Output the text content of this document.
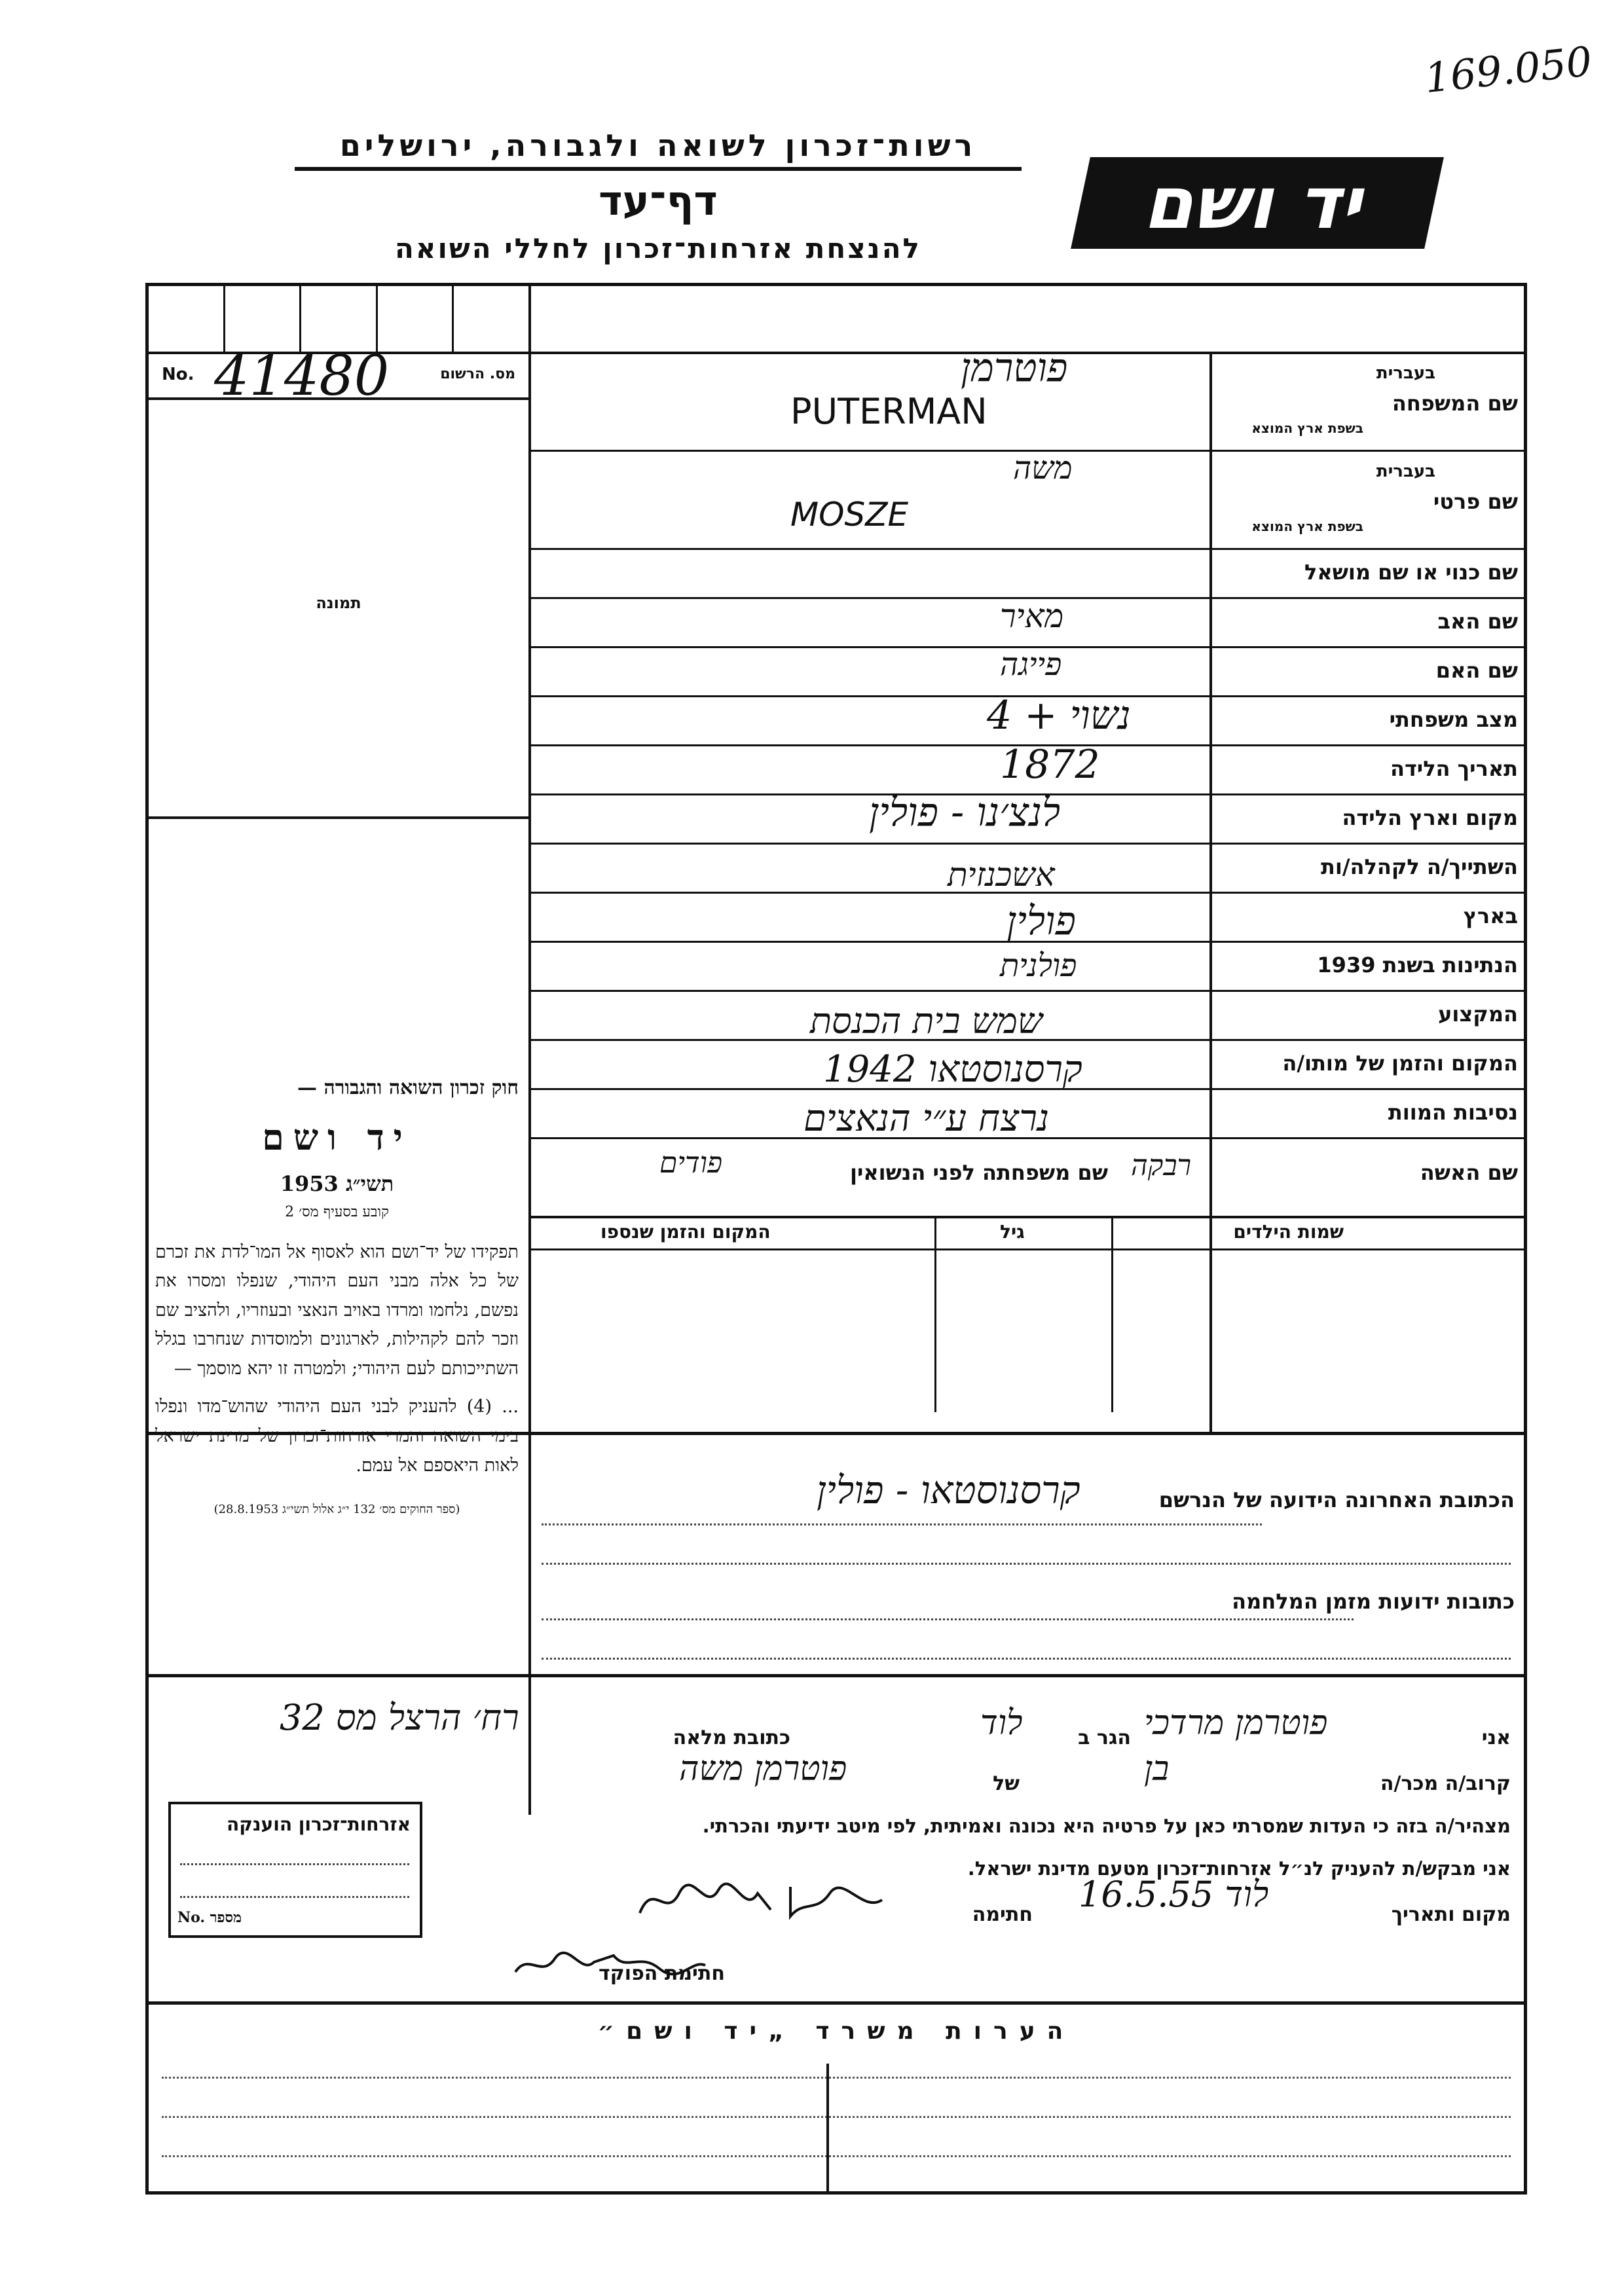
169.050
רשות־זכרון לשואה ולגבורה, ירושלים
דף־עד
להנצחת אזרחות־זכרון לחללי השואה
יד ושם
No. 41480	מס. הרשום
תמונה
חוק זכרון השואה והגבורה —
יד ושם
תשי״ג 1953
קובע בסעיף מס׳ 2
תפקידו של יד־ושם הוא לאסוף אל המו־לדת את זכרם של כל אלה מבני העם היהודי, שנפלו ומסרו את נפשם, נלחמו ומרדו באויב הנאצי ובעוזריו, ולהציב שם וזכר להם לקהילות, לארגונים ולמוסדות שנחרבו בגלל השתייכותם לעם היהודי; ולמטרה זו יהא מוסמך —
... (4) להעניק לבני העם היהודי שהוש־מדו ונפלו בימי השואה והמרי אזרחות־זכרון של מדינת ישראל לאות היאספם אל עמם.
(ספר החוקים מס׳ 132 י״ג אלול תשי״ג 28.8.1953)
בעברית
שם המשפחה
בשפת ארץ המוצא
פוטרמן
PUTERMAN
בעברית
שם פרטי
בשפת ארץ המוצא
משה
MOSZE
שם כנוי או שם מושאל
שם האב
מאיר
שם האם
פייגה
מצב משפחתי
נשוי + 4
תאריך הלידה
1872
מקום וארץ הלידה
לנצ׳נו - פולין
השתייך/ה לקהלה/ות
אשכנזית
בארץ
פולין
הנתינות בשנת 1939
פולנית
המקצוע
שמש בית הכנסת
המקום והזמן של מותו/ה
קרסנוסטאו 1942
נסיבות המוות
נרצח ע״י הנאצים
שם האשה
רבקה
שם משפחתה לפני הנשואין
פודים
שמות הילדים
גיל
המקום והזמן שנספו
הכתובת האחרונה הידועה של הנרשם
קרסנוסטאו - פולין
כתובות ידועות מזמן המלחמה
אני
פוטרמן מרדכי
הגר ב
לוד
כתובת מלאה
רח׳ הרצל מס 32
קרוב/ה מכר/ה
בן
של
פוטרמן משה
מצהיר/ה בזה כי העדות שמסרתי כאן על פרטיה היא נכונה ואמיתית, לפי מיטב ידיעתי והכרתי.
אני מבקש/ת להעניק לנ״ל אזרחות־זכרון מטעם מדינת ישראל.
מקום ותאריך
לוד 16.5.55
חתימה
חתימת הפוקד
אזרחות־זכרון הוענקה
No. מספר
הערות משרד „יד ושם״
